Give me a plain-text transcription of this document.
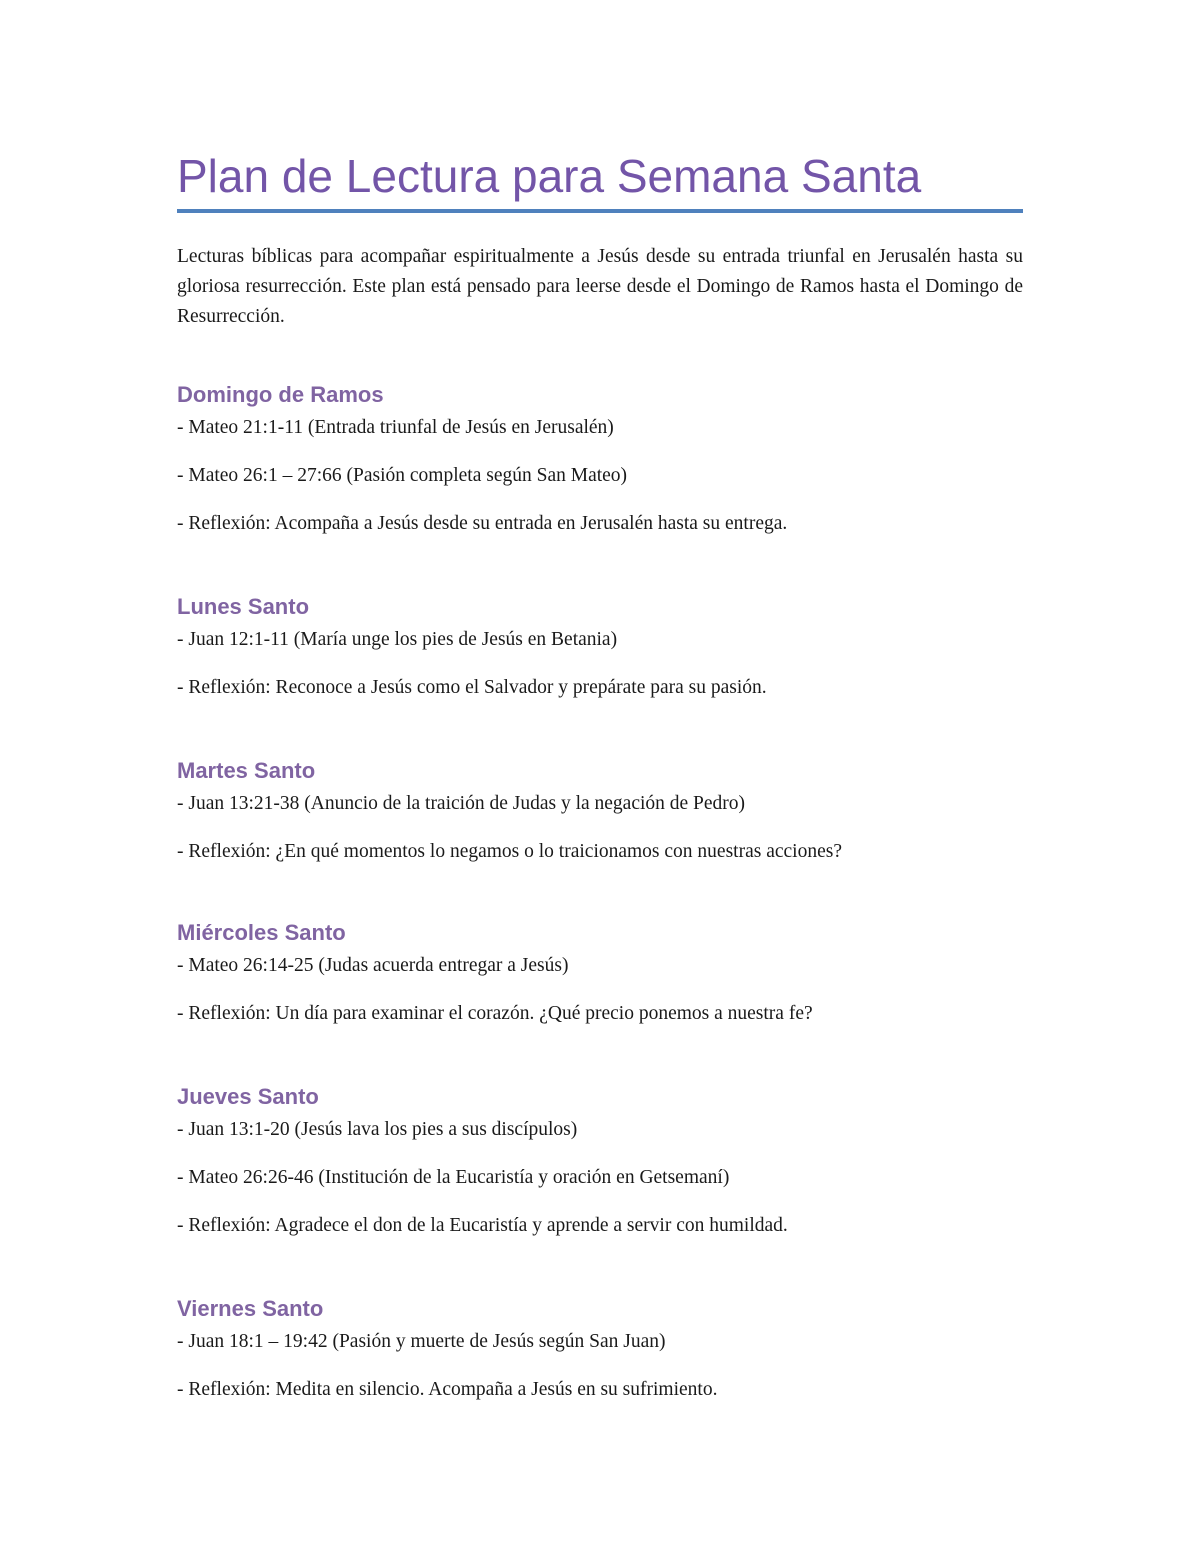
Plan de Lectura para Semana Santa

Lecturas bíblicas para acompañar espiritualmente a Jesús desde su entrada triunfal en Jerusalén hasta su gloriosa resurrección. Este plan está pensado para leerse desde el Domingo de Ramos hasta el Domingo de Resurrección.

Domingo de Ramos

- Mateo 21:1-11 (Entrada triunfal de Jesús en Jerusalén)

- Mateo 26:1 – 27:66 (Pasión completa según San Mateo)

- Reflexión: Acompaña a Jesús desde su entrada en Jerusalén hasta su entrega.

Lunes Santo

- Juan 12:1-11 (María unge los pies de Jesús en Betania)

- Reflexión: Reconoce a Jesús como el Salvador y prepárate para su pasión.

Martes Santo

- Juan 13:21-38 (Anuncio de la traición de Judas y la negación de Pedro)

- Reflexión: ¿En qué momentos lo negamos o lo traicionamos con nuestras acciones?

Miércoles Santo

- Mateo 26:14-25 (Judas acuerda entregar a Jesús)

- Reflexión: Un día para examinar el corazón. ¿Qué precio ponemos a nuestra fe?

Jueves Santo

- Juan 13:1-20 (Jesús lava los pies a sus discípulos)

- Mateo 26:26-46 (Institución de la Eucaristía y oración en Getsemaní)

- Reflexión: Agradece el don de la Eucaristía y aprende a servir con humildad.

Viernes Santo

- Juan 18:1 – 19:42 (Pasión y muerte de Jesús según San Juan)

- Reflexión: Medita en silencio. Acompaña a Jesús en su sufrimiento.
